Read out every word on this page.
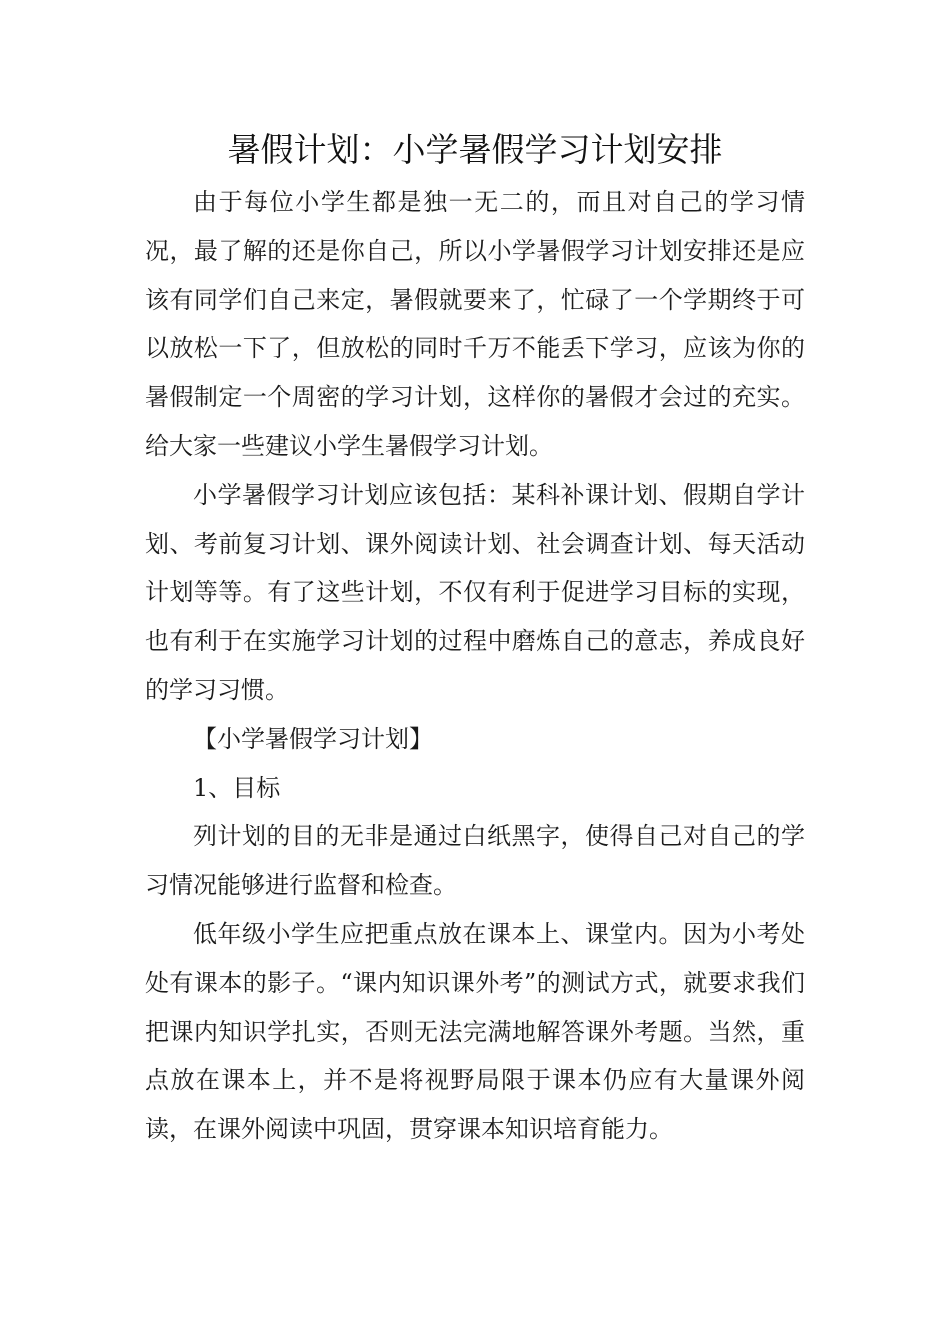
暑假计划：小学暑假学习计划安排

由于每位小学生都是独一无二的，而且对自己的学习情况，最了解的还是你自己，所以小学暑假学习计划安排还是应该有同学们自己来定，暑假就要来了，忙碌了一个学期终于可以放松一下了，但放松的同时千万不能丢下学习，应该为你的暑假制定一个周密的学习计划，这样你的暑假才会过的充实。给大家一些建议小学生暑假学习计划。

小学暑假学习计划应该包括：某科补课计划、假期自学计划、考前复习计划、课外阅读计划、社会调查计划、每天活动计划等等。有了这些计划，不仅有利于促进学习目标的实现，也有利于在实施学习计划的过程中磨炼自己的意志，养成良好的学习习惯。

【小学暑假学习计划】

1、目标

列计划的目的无非是通过白纸黑字，使得自己对自己的学习情况能够进行监督和检查。

低年级小学生应把重点放在课本上、课堂内。因为小考处处有课本的影子。“课内知识课外考”的测试方式，就要求我们把课内知识学扎实，否则无法完满地解答课外考题。当然，重点放在课本上，并不是将视野局限于课本仍应有大量课外阅读，在课外阅读中巩固，贯穿课本知识培育能力。
